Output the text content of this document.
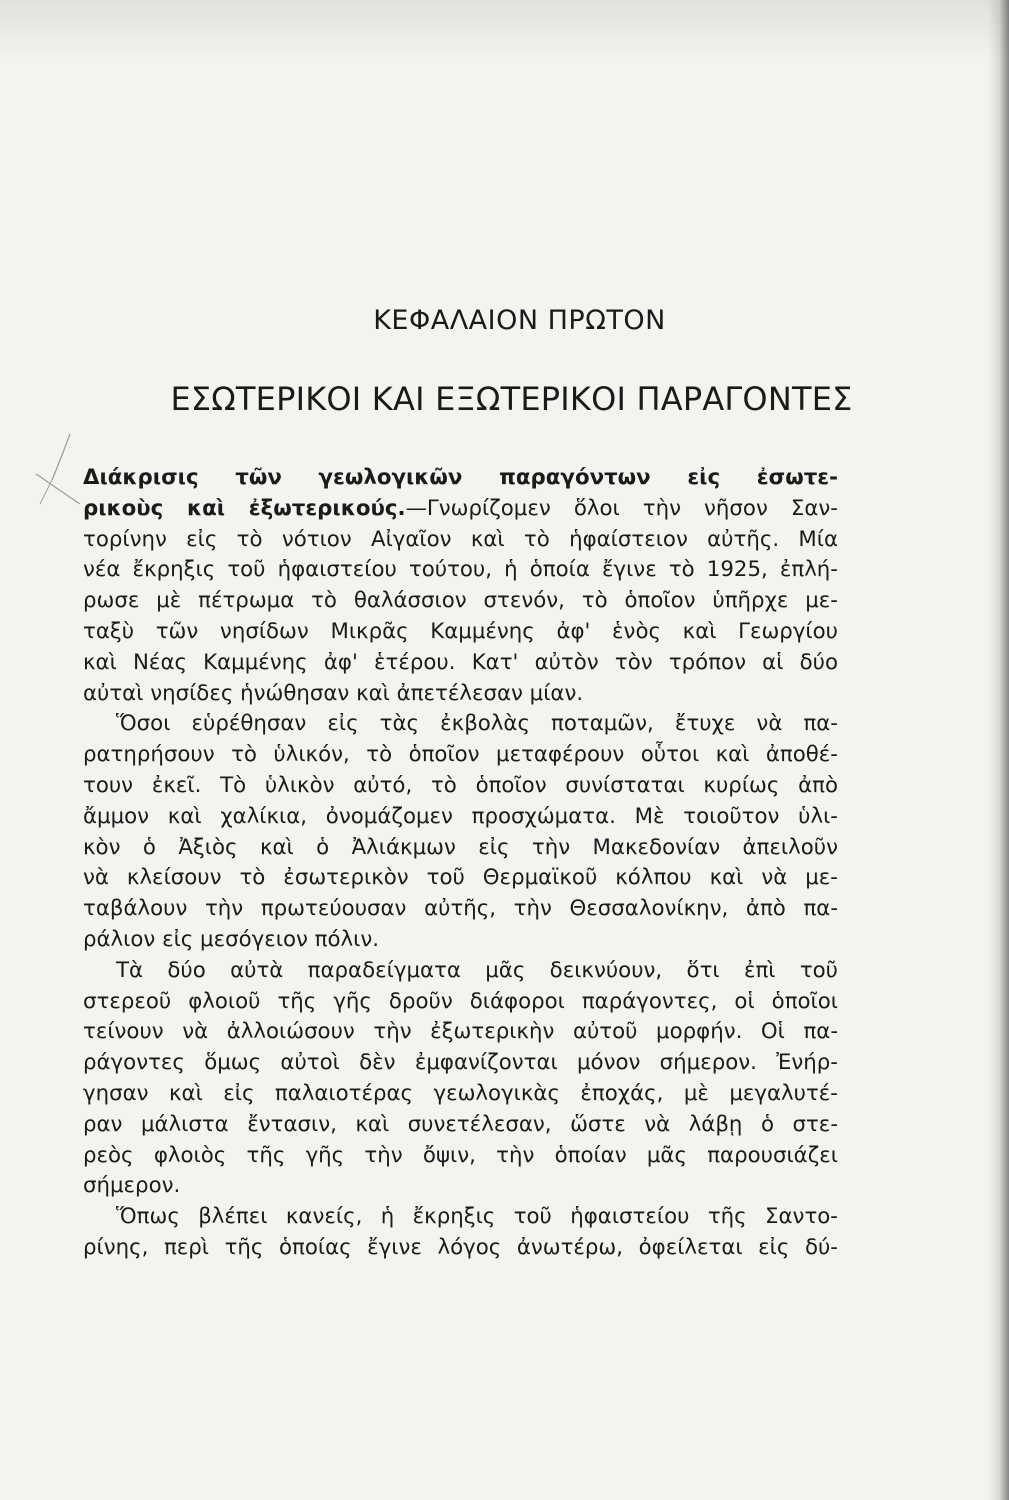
ΚΕΦΑΛΑΙΟΝ ΠΡΩΤΟΝ
ΕΣΩΤΕΡΙΚΟΙ ΚΑΙ ΕΞΩΤΕΡΙΚΟΙ ΠΑΡΑΓΟΝΤΕΣ
Διάκρισις τῶν γεωλογικῶν παραγόντων εἰς ἐσωτε-
ρικοὺς καὶ ἐξωτερικούς.—Γνωρίζομεν ὅλοι τὴν νῆσον Σαν-
τορίνην εἰς τὸ νότιον Αἰγαῖον καὶ τὸ ἡφαίστειον αὐτῆς. Μία
νέα ἔκρηξις τοῦ ἡφαιστείου τούτου, ἡ ὁποία ἔγινε τὸ 1925, ἐπλή-
ρωσε μὲ πέτρωμα τὸ θαλάσσιον στενόν, τὸ ὁποῖον ὑπῆρχε με-
ταξὺ τῶν νησίδων Μικρᾶς Καμμένης ἀφ' ἑνὸς καὶ Γεωργίου
καὶ Νέας Καμμένης ἀφ' ἑτέρου. Κατ' αὐτὸν τὸν τρόπον αἱ δύο
αὐταὶ νησίδες ἡνώθησαν καὶ ἀπετέλεσαν μίαν.
Ὅσοι εὑρέθησαν εἰς τὰς ἐκβολὰς ποταμῶν, ἔτυχε νὰ πα-
ρατηρήσουν τὸ ὑλικόν, τὸ ὁποῖον μεταφέρουν οὗτοι καὶ ἀποθέ-
τουν ἐκεῖ. Τὸ ὑλικὸν αὐτό, τὸ ὁποῖον συνίσταται κυρίως ἀπὸ
ἄμμον καὶ χαλίκια, ὀνομάζομεν προσχώματα. Μὲ τοιοῦτον ὑλι-
κὸν ὁ Ἀξιὸς καὶ ὁ Ἀλιάκμων εἰς τὴν Μακεδονίαν ἀπειλοῦν
νὰ κλείσουν τὸ ἐσωτερικὸν τοῦ Θερμαϊκοῦ κόλπου καὶ νὰ με-
ταβάλουν τὴν πρωτεύουσαν αὐτῆς, τὴν Θεσσαλονίκην, ἀπὸ πα-
ράλιον εἰς μεσόγειον πόλιν.
Τὰ δύο αὐτὰ παραδείγματα μᾶς δεικνύουν, ὅτι ἐπὶ τοῦ
στερεοῦ φλοιοῦ τῆς γῆς δροῦν διάφοροι παράγοντες, οἱ ὁποῖοι
τείνουν νὰ ἀλλοιώσουν τὴν ἐξωτερικὴν αὐτοῦ μορφήν. Οἱ πα-
ράγοντες ὅμως αὐτοὶ δὲν ἐμφανίζονται μόνον σήμερον. Ἐνήρ-
γησαν καὶ εἰς παλαιοτέρας γεωλογικὰς ἐποχάς, μὲ μεγαλυτέ-
ραν μάλιστα ἔντασιν, καὶ συνετέλεσαν, ὥστε νὰ λάβῃ ὁ στε-
ρεὸς φλοιὸς τῆς γῆς τὴν ὄψιν, τὴν ὁποίαν μᾶς παρουσιάζει
σήμερον.
Ὅπως βλέπει κανείς, ἡ ἔκρηξις τοῦ ἡφαιστείου τῆς Σαντο-
ρίνης, περὶ τῆς ὁποίας ἔγινε λόγος ἀνωτέρω, ὀφείλεται εἰς δύ-
